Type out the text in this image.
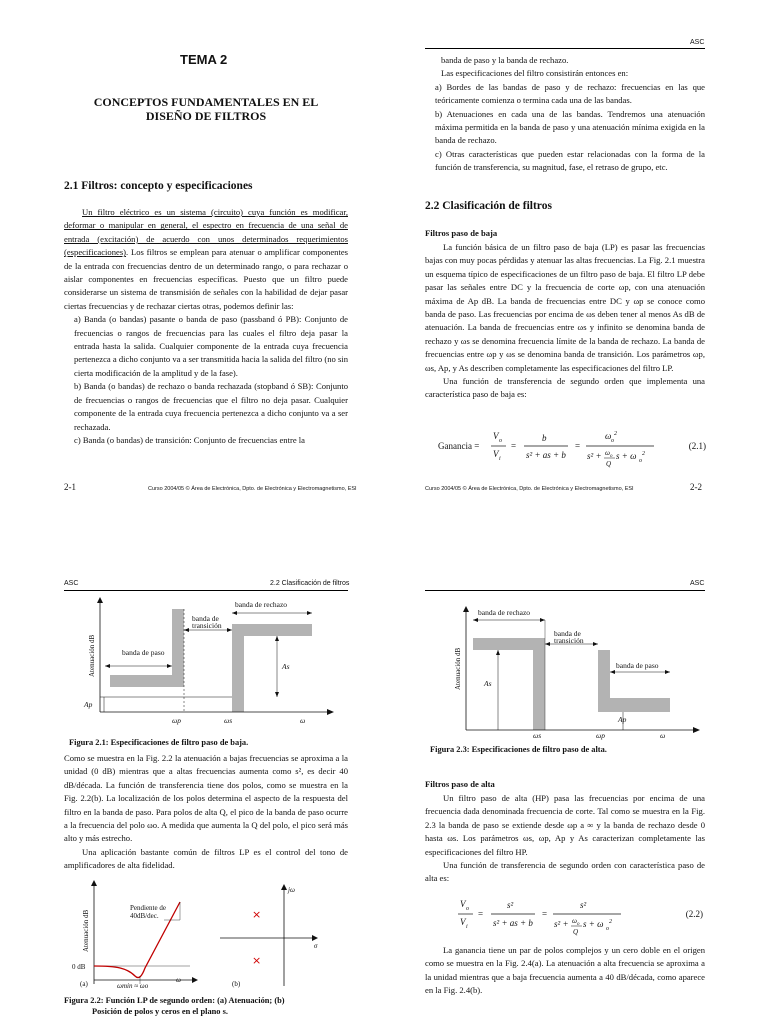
TEMA 2
CONCEPTOS FUNDAMENTALES EN EL
DISEÑO DE FILTROS
2.1 Filtros: concepto y especificaciones

Un filtro eléctrico es un sistema (circuito) cuya función es modificar, deformar o manipular en general, el espectro en frecuencia de una señal de entrada (excitación) de acuerdo con unos determinados requerimientos (especificaciones). Los filtros se emplean para atenuar o amplificar componentes de la entrada con frecuencias dentro de un determinado rango, o para rechazar o aislar componentes en frecuencias específicas. Puesto que un filtro puede considerarse un sistema de transmisión de señales con la habilidad de dejar pasar ciertas frecuencias y de rechazar ciertas otras, podemos definir las:

a) Banda (o bandas) pasante o banda de paso (passband ó PB): Conjunto de frecuencias o rangos de frecuencias para las cuales el filtro deja pasar la entrada hasta la salida. Cualquier componente de la entrada cuya frecuencia pertenezca a dicho conjunto va a ser transmitida hacia la salida del filtro (no sin cierta modificación de la amplitud y de la fase).

b) Banda (o bandas) de rechazo o banda rechazada (stopband ó SB): Conjunto de frecuencias o rangos de frecuencias que el filtro no deja pasar. Cualquier componente de la entrada cuya frecuencia pertenezca a dicho conjunto va a ser rechazada.

c) Banda (o bandas) de transición: Conjunto de frecuencias entre la

2-1	Curso 2004/05 © Área de Electrónica, Dpto. de Electrónica y Electromagnetismo, ESI
ASC

banda de paso y la banda de rechazo.

Las especificaciones del filtro consistirán entonces en:

a) Bordes de las bandas de paso y de rechazo: frecuencias en las que teóricamente comienza o termina cada una de las bandas.

b) Atenuaciones en cada una de las bandas. Tendremos una atenuación máxima permitida en la banda de paso y una atenuación mínima exigida en la banda de rechazo.

c) Otras características que pueden estar relacionadas con la forma de la función de transferencia, su magnitud, fase, el retraso de grupo, etc.

2.2 Clasificación de filtros
Filtros paso de baja

La función básica de un filtro paso de baja (LP) es pasar las frecuencias bajas con muy pocas pérdidas y atenuar las altas frecuencias. La Fig. 2.1 muestra un esquema típico de especificaciones de un filtro paso de baja. El filtro LP debe pasar las señales entre DC y la frecuencia de corte ωp, con una atenuación máxima de Ap dB. La banda de frecuencias entre DC y ωp se conoce como banda de paso. Las frecuencias por encima de ωs deben tener al menos As dB de atenuación. La banda de frecuencias entre ωs y infinito se denomina banda de rechazo y ωs se denomina frecuencia límite de la banda de rechazo. La banda de frecuencias entre ωp y ωs se denomina banda de transición. Los parámetros ωp, ωs, Ap, y As describen completamente las especificaciones del filtro LP.

Una función de transferencia de segundo orden que implementa una característica paso de baja es:

Ganancia =
V o
V i
=
b
s² + as + b
=
ω o
2
s² + ω o
Q
s + ω o
2
(2.1)
Curso 2004/05 © Área de Electrónica, Dpto. de Electrónica y Electromagnetismo, ESI	2-2
ASC	2.2 Clasificación de filtros
banda de paso
banda de
transición
banda de rechazo
As
Ap
ωp	ωs	ω
Atenuación dB
Figura 2.1: Especificaciones de filtro paso de baja.

Como se muestra en la Fig. 2.2 la atenuación a bajas frecuencias se aproxima a la unidad (0 dB) mientras que a altas frecuencias aumenta como s², es decir 40 dB/década. La función de transferencia tiene dos polos, como se muestra en la Fig. 2.2(b). La localización de los polos determina el aspecto de la respuesta del filtro en la banda de paso. Para polos de alta Q, el pico de la banda de paso ocurre a la frecuencia del polo ωo. A medida que aumenta la Q del polo, el pico será más alto y más estrecho.

Una aplicación bastante común de filtros LP es el control del tono de amplificadores de alta fidelidad.

Pendiente de
40dB/dec.
0 dB
(a)	ωmin ≈ ωo
ω
Atenuación dB	×
×
jω
σ
(b)
Figura 2.2: Función LP de segundo orden: (a) Atenuación; (b)
Posición de polos y ceros en el plano s.
ASC
banda de rechazo
banda de
transición
banda de paso
As
Ap
ωs	ωp	ω
Atenuación dB
Figura 2.3: Especificaciones de filtro paso de alta.
Filtros paso de alta

Un filtro paso de alta (HP) pasa las frecuencias por encima de una frecuencia dada denominada frecuencia de corte. Tal como se muestra en la Fig. 2.3 la banda de paso se extiende desde ωp a ∞ y la banda de rechazo desde 0 hasta ωs. Los parámetros ωs, ωp, Ap y As caracterizan completamente las especificaciones del filtro HP.

Una función de transferencia de segundo orden con característica paso de alta es:

V o
V i
=
s²
s² + as + b
=
s²
s² + ω o
Q
s + ω o
2
(2.2)

La ganancia tiene un par de polos complejos y un cero doble en el origen como se muestra en la Fig. 2.4(a). La atenuación a alta frecuencia se aproxima a la unidad mientras que a baja frecuencia aumenta a 40 dB/década, como aparece en la Fig. 2.4(b).
